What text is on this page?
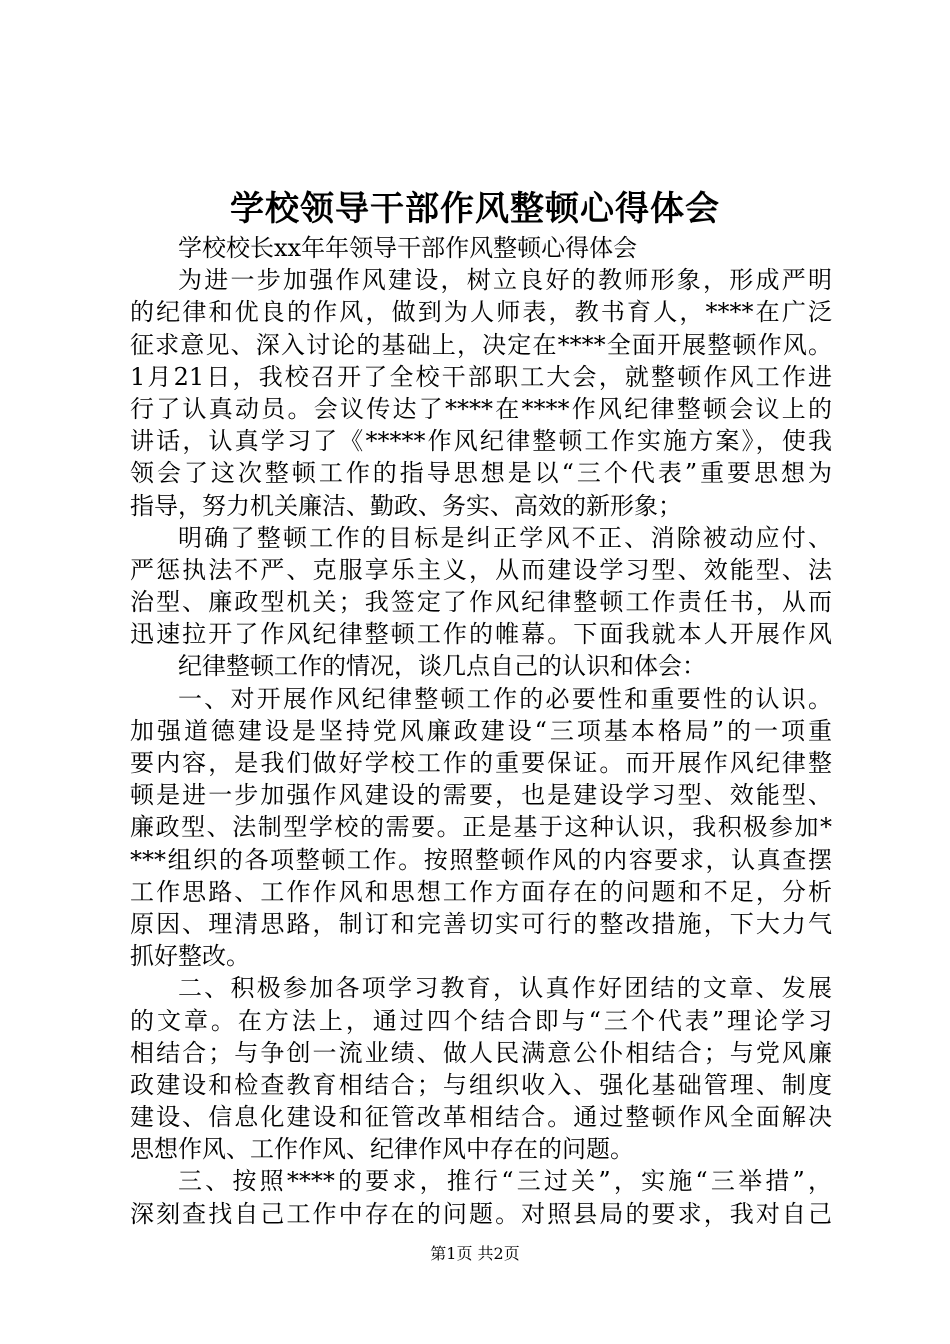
学校领导干部作风整顿心得体会
学校校长xx年年领导干部作风整顿心得体会
为进一步加强作风建设，树立良好的教师形象，形成严明
的纪律和优良的作风，做到为人师表，教书育人，****在广泛
征求意见、深入讨论的基础上，决定在****全面开展整顿作风。
1月21日，我校召开了全校干部职工大会，就整顿作风工作进
行了认真动员。会议传达了****在****作风纪律整顿会议上的
讲话，认真学习了《*****作风纪律整顿工作实施方案》，使我
领会了这次整顿工作的指导思想是以“三个代表”重要思想为
指导，努力机关廉洁、勤政、务实、高效的新形象；
明确了整顿工作的目标是纠正学风不正、消除被动应付、
严惩执法不严、克服享乐主义，从而建设学习型、效能型、法
治型、廉政型机关；我签定了作风纪律整顿工作责任书，从而
迅速拉开了作风纪律整顿工作的帷幕。下面我就本人开展作风
纪律整顿工作的情况，谈几点自己的认识和体会：
一、对开展作风纪律整顿工作的必要性和重要性的认识。
加强道德建设是坚持党风廉政建设“三项基本格局”的一项重
要内容，是我们做好学校工作的重要保证。而开展作风纪律整
顿是进一步加强作风建设的需要，也是建设学习型、效能型、
廉政型、法制型学校的需要。正是基于这种认识，我积极参加*
***组织的各项整顿工作。按照整顿作风的内容要求，认真查摆
工作思路、工作作风和思想工作方面存在的问题和不足，分析
原因、理清思路，制订和完善切实可行的整改措施，下大力气
抓好整改。
二、积极参加各项学习教育，认真作好团结的文章、发展
的文章。在方法上，通过四个结合即与“三个代表”理论学习
相结合；与争创一流业绩、做人民满意公仆相结合；与党风廉
政建设和检查教育相结合；与组织收入、强化基础管理、制度
建设、信息化建设和征管改革相结合。通过整顿作风全面解决
思想作风、工作作风、纪律作风中存在的问题。
三、按照****的要求，推行“三过关”，实施“三举措”，
深刻查找自己工作中存在的问题。对照县局的要求，我对自己
第1页 共2页
